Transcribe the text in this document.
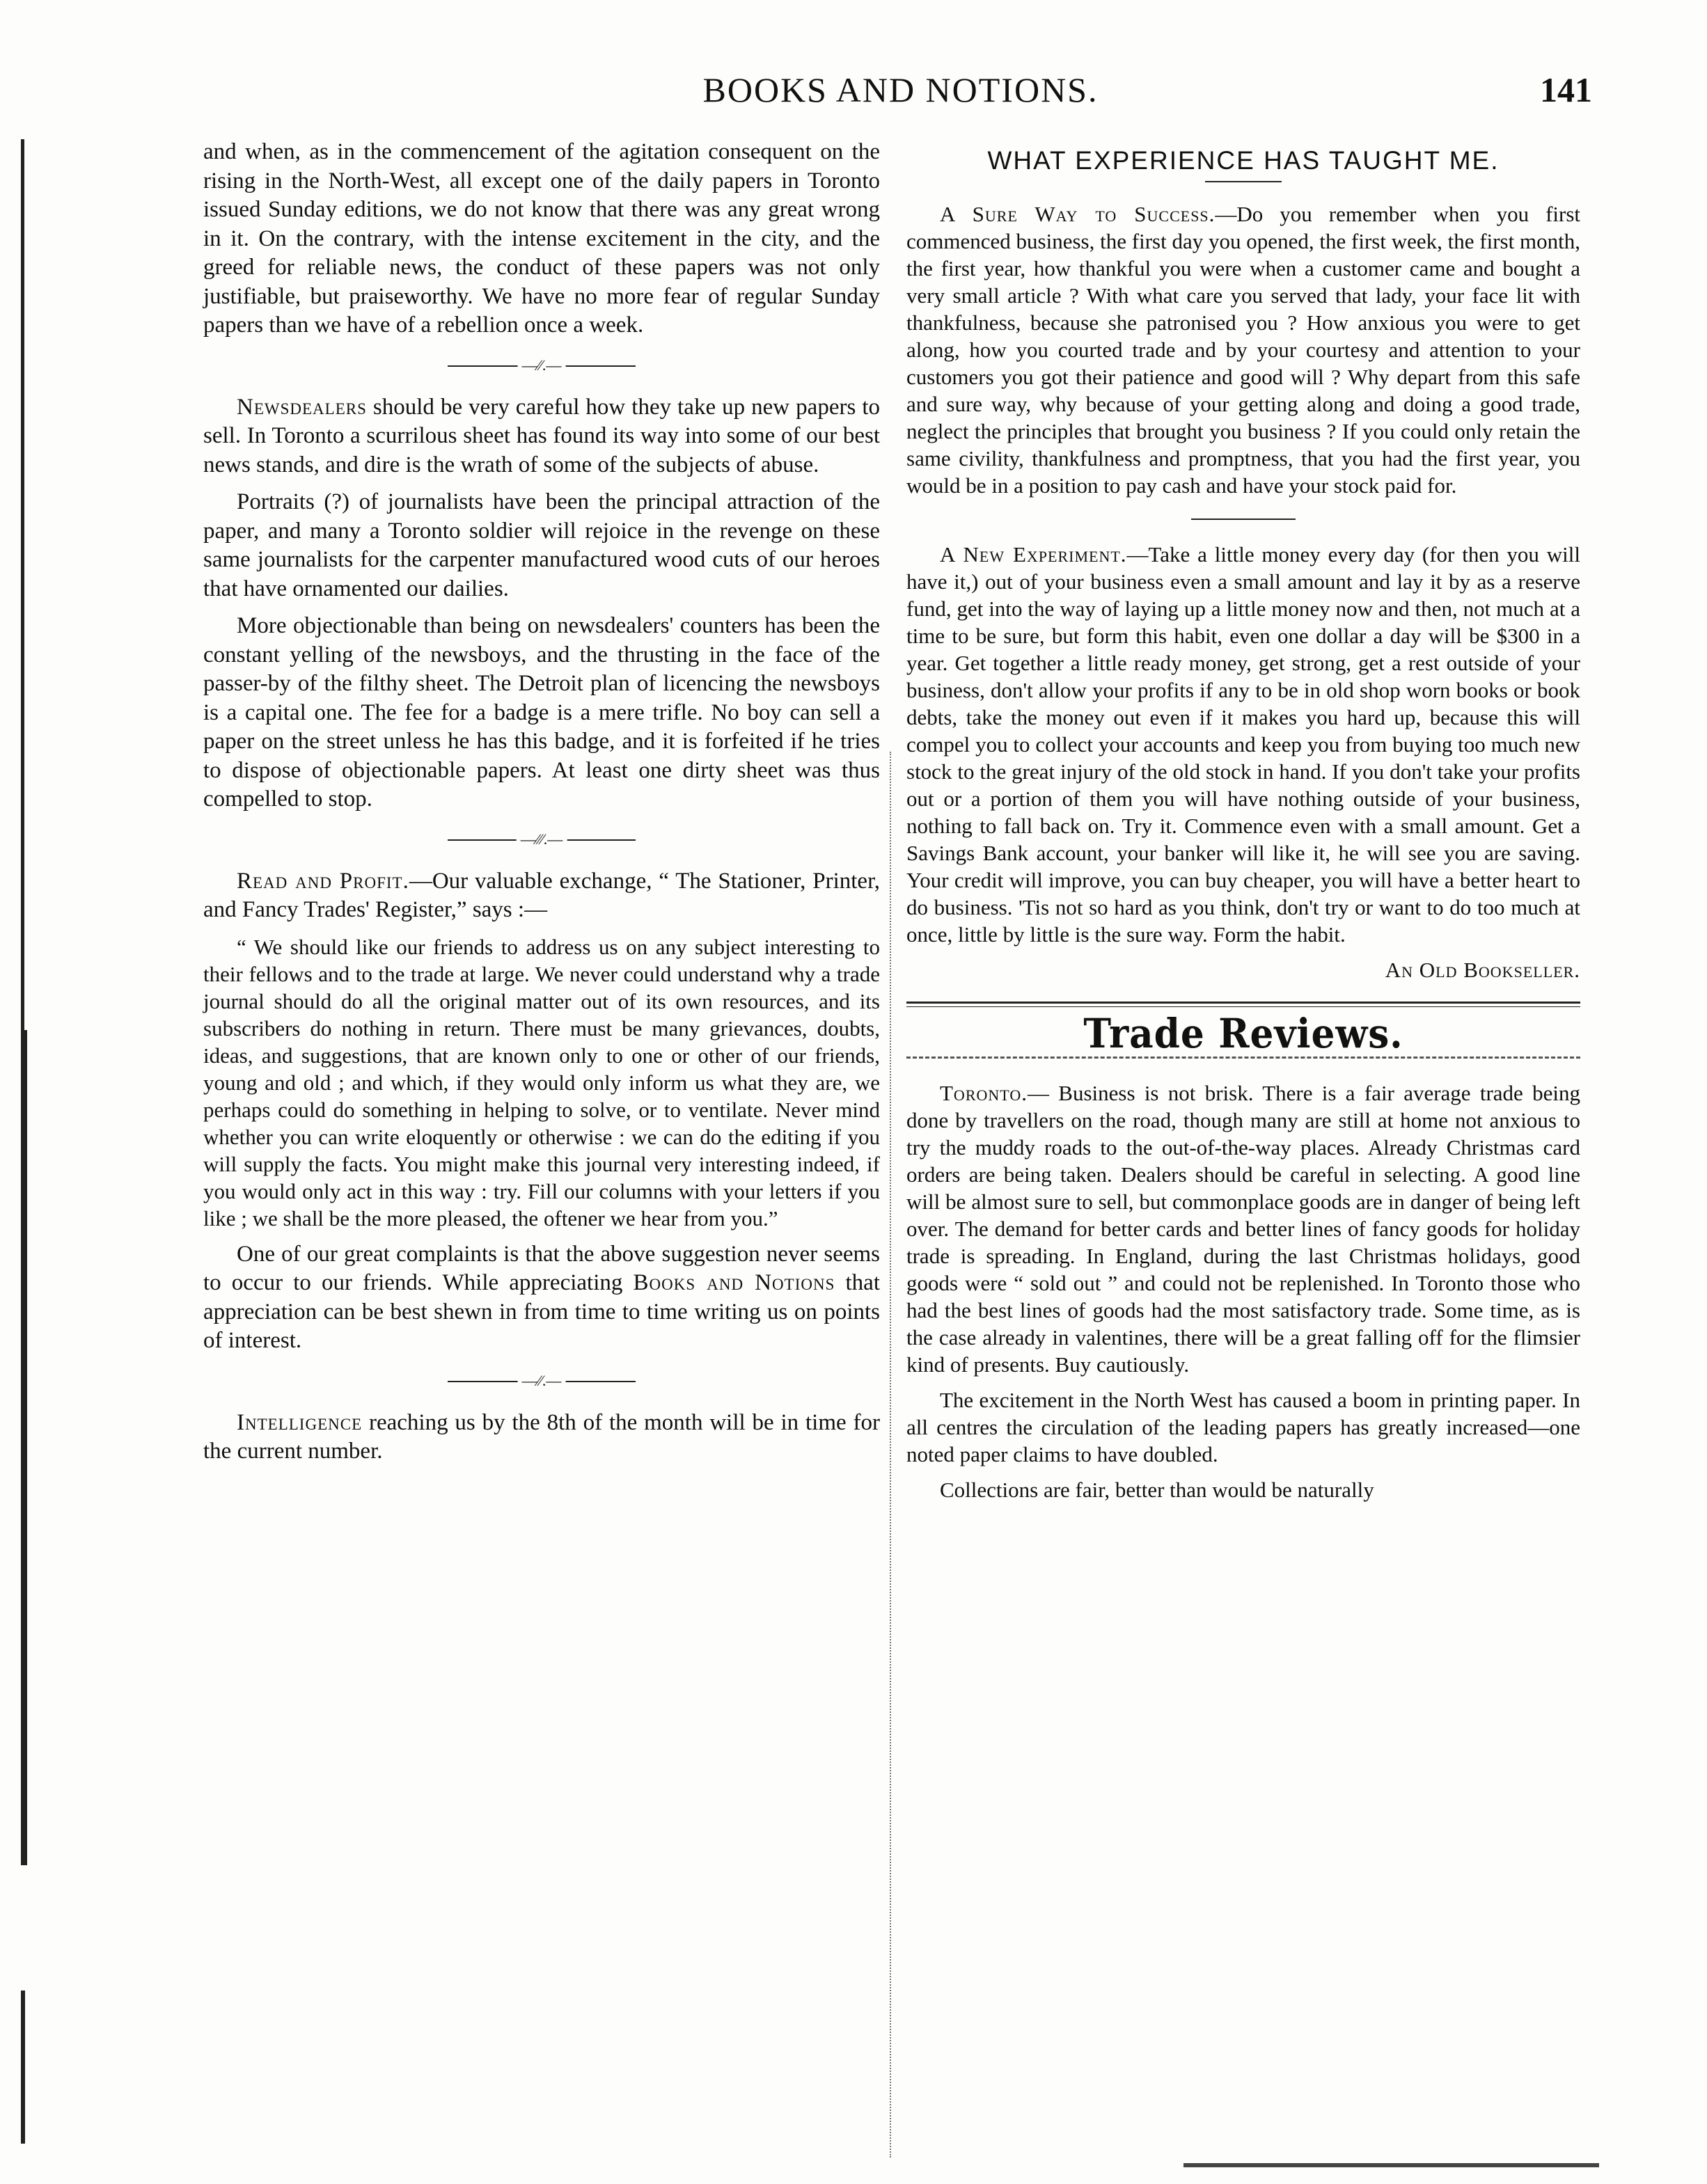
BOOKS AND NOTIONS.	141

and when, as in the commencement of the agitation consequent on the rising in the North-West, all except one of the daily papers in Toronto issued Sunday editions, we do not know that there was any great wrong in it. On the contrary, with the intense excitement in the city, and the greed for reliable news, the conduct of these papers was not only justifiable, but praiseworthy. We have no more fear of regular Sunday papers than we have of a rebellion once a week.

—∕∕.—

Newsdealers should be very careful how they take up new papers to sell. In Toronto a scurrilous sheet has found its way into some of our best news stands, and dire is the wrath of some of the subjects of abuse.

Portraits (?) of journalists have been the principal attraction of the paper, and many a Toronto soldier will rejoice in the revenge on these same journalists for the carpenter manufactured wood cuts of our heroes that have ornamented our dailies.

More objectionable than being on newsdealers' counters has been the constant yelling of the newsboys, and the thrusting in the face of the passer-by of the filthy sheet. The Detroit plan of licencing the newsboys is a capital one. The fee for a badge is a mere trifle. No boy can sell a paper on the street unless he has this badge, and it is forfeited if he tries to dispose of objectionable papers. At least one dirty sheet was thus compelled to stop.

—∕∕∕.—

Read and Profit.—Our valuable exchange, “ The Stationer, Printer, and Fancy Trades' Register,” says :—

“ We should like our friends to address us on any subject interesting to their fellows and to the trade at large. We never could understand why a trade journal should do all the original matter out of its own resources, and its subscribers do nothing in return. There must be many grievances, doubts, ideas, and suggestions, that are known only to one or other of our friends, young and old ; and which, if they would only inform us what they are, we perhaps could do something in helping to solve, or to ventilate. Never mind whether you can write eloquently or otherwise : we can do the editing if you will supply the facts. You might make this journal very interesting indeed, if you would only act in this way : try. Fill our columns with your letters if you like ; we shall be the more pleased, the oftener we hear from you.”

One of our great complaints is that the above suggestion never seems to occur to our friends. While appreciating Books and Notions that appreciation can be best shewn in from time to time writing us on points of interest.

—∕∕.—

Intelligence reaching us by the 8th of the month will be in time for the current number.

WHAT EXPERIENCE HAS TAUGHT ME.

A Sure Way to Success.—Do you remember when you first commenced business, the first day you opened, the first week, the first month, the first year, how thankful you were when a customer came and bought a very small article ? With what care you served that lady, your face lit with thankfulness, because she patronised you ? How anxious you were to get along, how you courted trade and by your courtesy and attention to your customers you got their patience and good will ? Why depart from this safe and sure way, why because of your getting along and doing a good trade, neglect the principles that brought you business ? If you could only retain the same civility, thankfulness and promptness, that you had the first year, you would be in a position to pay cash and have your stock paid for.

A New Experiment.—Take a little money every day (for then you will have it,) out of your business even a small amount and lay it by as a reserve fund, get into the way of laying up a little money now and then, not much at a time to be sure, but form this habit, even one dollar a day will be $300 in a year. Get together a little ready money, get strong, get a rest outside of your business, don't allow your profits if any to be in old shop worn books or book debts, take the money out even if it makes you hard up, because this will compel you to collect your accounts and keep you from buying too much new stock to the great injury of the old stock in hand. If you don't take your profits out or a portion of them you will have nothing outside of your business, nothing to fall back on. Try it. Commence even with a small amount. Get a Savings Bank account, your banker will like it, he will see you are saving. Your credit will improve, you can buy cheaper, you will have a better heart to do business. 'Tis not so hard as you think, don't try or want to do too much at once, little by little is the sure way. Form the habit.

An Old Bookseller.

Trade Reviews.

Toronto.— Business is not brisk. There is a fair average trade being done by travellers on the road, though many are still at home not anxious to try the muddy roads to the out-of-the-way places. Already Christmas card orders are being taken. Dealers should be careful in selecting. A good line will be almost sure to sell, but commonplace goods are in danger of being left over. The demand for better cards and better lines of fancy goods for holiday trade is spreading. In England, during the last Christmas holidays, good goods were “ sold out ” and could not be replenished. In Toronto those who had the best lines of goods had the most satisfactory trade. Some time, as is the case already in valentines, there will be a great falling off for the flimsier kind of presents. Buy cautiously.

The excitement in the North West has caused a boom in printing paper. In all centres the circulation of the leading papers has greatly increased—one noted paper claims to have doubled.

Collections are fair, better than would be naturally
